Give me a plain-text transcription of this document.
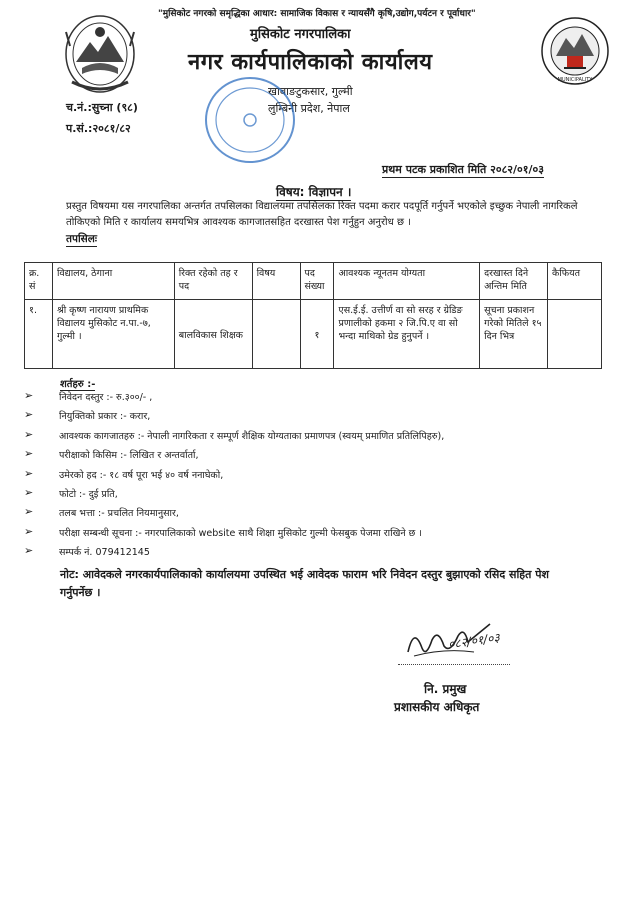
MUNICIPALITY
"मुसिकोट नगरको समृद्धिका आधार: सामाजिक विकास र न्यायसँगै कृषि,उद्योग,पर्यटन र पूर्वाधार"
मुसिकोट नगरपालिका
नगर कार्यपालिकाको कार्यालय
खाबाङटुकसार, गुल्मी
लुम्बिनी प्रदेश, नेपाल
च.नं.:सुच्ना (९८)
प.सं.:२०८१/८२
प्रथम पटक प्रकाशित मिति २०८२/०१/०३
विषय: विज्ञापन ।
प्रस्तुत विषयमा यस नगरपालिका अन्तर्गत तपसिलका विद्यालयमा तपसिलका रिक्त पदमा करार पदपूर्ति गर्नुपर्ने भएकोले इच्छुक नेपाली नागरिकले तोकिएको मिति र कार्यालय समयभित्र आवश्यक कागजातसहित दरखास्त पेश गर्नुहुन अनुरोध छ ।
तपसिलः
क्र. सं	विद्यालय, ठेगाना	रिक्त रहेको तह र पद	विषय	पद संख्या	आवश्यक न्यूनतम योग्यता	दरखास्त दिने अन्तिम मिति	कैफियत
१.	श्री कृष्ण नारायण प्राथमिक विद्यालय मुसिकोट न.पा.-७, गुल्मी ।	बालविकास शिक्षक		१	एस.ई.ई. उत्तीर्ण वा सो सरह र ग्रेडिङ प्रणालीको हकमा २ जि.पि.ए वा सो भन्दा माथिको ग्रेड हुनुपर्ने ।	सूचना प्रकाशन गरेको मितिले १५ दिन भित्र	
शर्तहरु :-
➢	निवेदन दस्तुर :- रु.३००/- ,
➢	नियुक्तिको प्रकार :- करार,
➢	आवश्यक कागजातहरु :- नेपाली नागरिकता र सम्पूर्ण शैक्षिक योग्यताका प्रमाणपत्र (स्वयम् प्रमाणित प्रतिलिपिहरु),
➢	परीक्षाको किसिम :- लिखित र अन्तर्वार्ता,
➢	उमेरको हद :- १८ वर्ष पूरा भई ४० वर्ष ननाघेको,
➢	फोटो :- दुई प्रति,
➢	तलब भत्ता :- प्रचलित नियमानुसार,
➢	परीक्षा सम्बन्धी सूचना :- नगरपालिकाको website साथै शिक्षा मुसिकोट गुल्मी फेसबुक पेजमा राखिने छ ।
➢	सम्पर्क नं. 079412145
नोट: आवेदकले नगरकार्यपालिकाको कार्यालयमा उपस्थित भई आवेदक फाराम भरि निवेदन दस्तुर बुझाएको रसिद सहित पेश गर्नुपर्नेछ ।
०८२/०१/०३
नि. प्रमुख
प्रशासकीय अधिकृत
